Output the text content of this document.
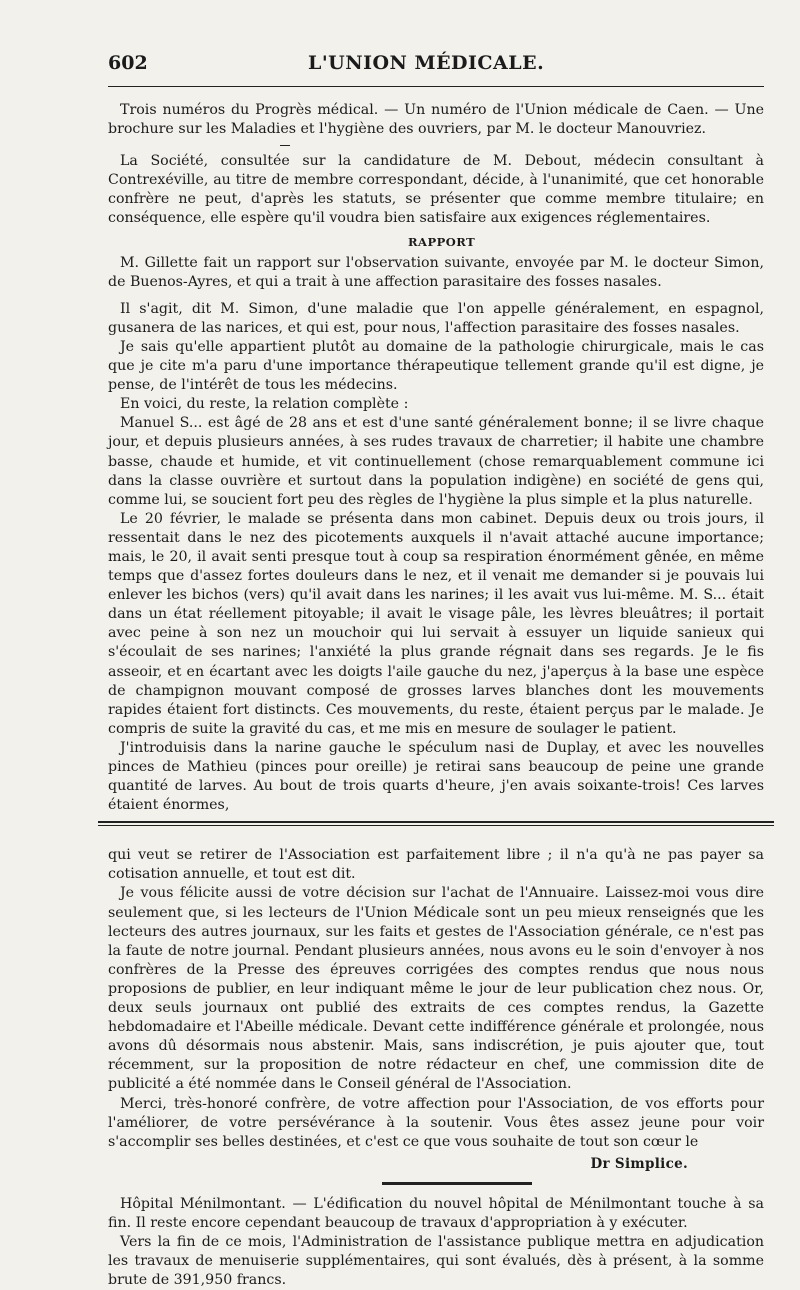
602	L'UNION MÉDICALE.

Trois numéros du Progrès médical. — Un numéro de l'Union médicale de Caen. — Une brochure sur les Maladies et l'hygiène des ouvriers, par M. le docteur Manouvriez.

La Société, consultée sur la candidature de M. Debout, médecin consultant à Contrexéville, au titre de membre correspondant, décide, à l'unanimité, que cet honorable confrère ne peut, d'après les statuts, se présenter que comme membre titulaire; en conséquence, elle espère qu'il voudra bien satisfaire aux exigences réglementaires.

RAPPORT

M. Gillette fait un rapport sur l'observation suivante, envoyée par M. le docteur Simon, de Buenos-Ayres, et qui a trait à une affection parasitaire des fosses nasales.

Il s'agit, dit M. Simon, d'une maladie que l'on appelle généralement, en espagnol, gusanera de las narices, et qui est, pour nous, l'affection parasitaire des fosses nasales.

Je sais qu'elle appartient plutôt au domaine de la pathologie chirurgicale, mais le cas que je cite m'a paru d'une importance thérapeutique tellement grande qu'il est digne, je pense, de l'intérêt de tous les médecins.

En voici, du reste, la relation complète :

Manuel S... est âgé de 28 ans et est d'une santé généralement bonne; il se livre chaque jour, et depuis plusieurs années, à ses rudes travaux de charretier; il habite une chambre basse, chaude et humide, et vit continuellement (chose remarquablement commune ici dans la classe ouvrière et surtout dans la population indigène) en société de gens qui, comme lui, se soucient fort peu des règles de l'hygiène la plus simple et la plus naturelle.

Le 20 février, le malade se présenta dans mon cabinet. Depuis deux ou trois jours, il ressentait dans le nez des picotements auxquels il n'avait attaché aucune importance; mais, le 20, il avait senti presque tout à coup sa respiration énormément gênée, en même temps que d'assez fortes douleurs dans le nez, et il venait me demander si je pouvais lui enlever les bichos (vers) qu'il avait dans les narines; il les avait vus lui-même. M. S... était dans un état réellement pitoyable; il avait le visage pâle, les lèvres bleuâtres; il portait avec peine à son nez un mouchoir qui lui servait à essuyer un liquide sanieux qui s'écoulait de ses narines; l'anxiété la plus grande régnait dans ses regards. Je le fis asseoir, et en écartant avec les doigts l'aile gauche du nez, j'aperçus à la base une espèce de champignon mouvant composé de grosses larves blanches dont les mouvements rapides étaient fort distincts. Ces mouvements, du reste, étaient perçus par le malade. Je compris de suite la gravité du cas, et me mis en mesure de soulager le patient.

J'introduisis dans la narine gauche le spéculum nasi de Duplay, et avec les nouvelles pinces de Mathieu (pinces pour oreille) je retirai sans beaucoup de peine une grande quantité de larves. Au bout de trois quarts d'heure, j'en avais soixante-trois! Ces larves étaient énormes,

qui veut se retirer de l'Association est parfaitement libre ; il n'a qu'à ne pas payer sa cotisation annuelle, et tout est dit.

Je vous félicite aussi de votre décision sur l'achat de l'Annuaire. Laissez-moi vous dire seulement que, si les lecteurs de l'Union Médicale sont un peu mieux renseignés que les lecteurs des autres journaux, sur les faits et gestes de l'Association générale, ce n'est pas la faute de notre journal. Pendant plusieurs années, nous avons eu le soin d'envoyer à nos confrères de la Presse des épreuves corrigées des comptes rendus que nous nous proposions de publier, en leur indiquant même le jour de leur publication chez nous. Or, deux seuls journaux ont publié des extraits de ces comptes rendus, la Gazette hebdomadaire et l'Abeille médicale. Devant cette indifférence générale et prolongée, nous avons dû désormais nous abstenir. Mais, sans indiscrétion, je puis ajouter que, tout récemment, sur la proposition de notre rédacteur en chef, une commission dite de publicité a été nommée dans le Conseil général de l'Association.

Merci, très-honoré confrère, de votre affection pour l'Association, de vos efforts pour l'améliorer, de votre persévérance à la soutenir. Vous êtes assez jeune pour voir s'accomplir ses belles destinées, et c'est ce que vous souhaite de tout son cœur le

Dr Simplice.

Hôpital Ménilmontant. — L'édification du nouvel hôpital de Ménilmontant touche à sa fin. Il reste encore cependant beaucoup de travaux d'appropriation à y exécuter.

Vers la fin de ce mois, l'Administration de l'assistance publique mettra en adjudication les travaux de menuiserie supplémentaires, qui sont évalués, dès à présent, à la somme brute de 391,950 francs.
